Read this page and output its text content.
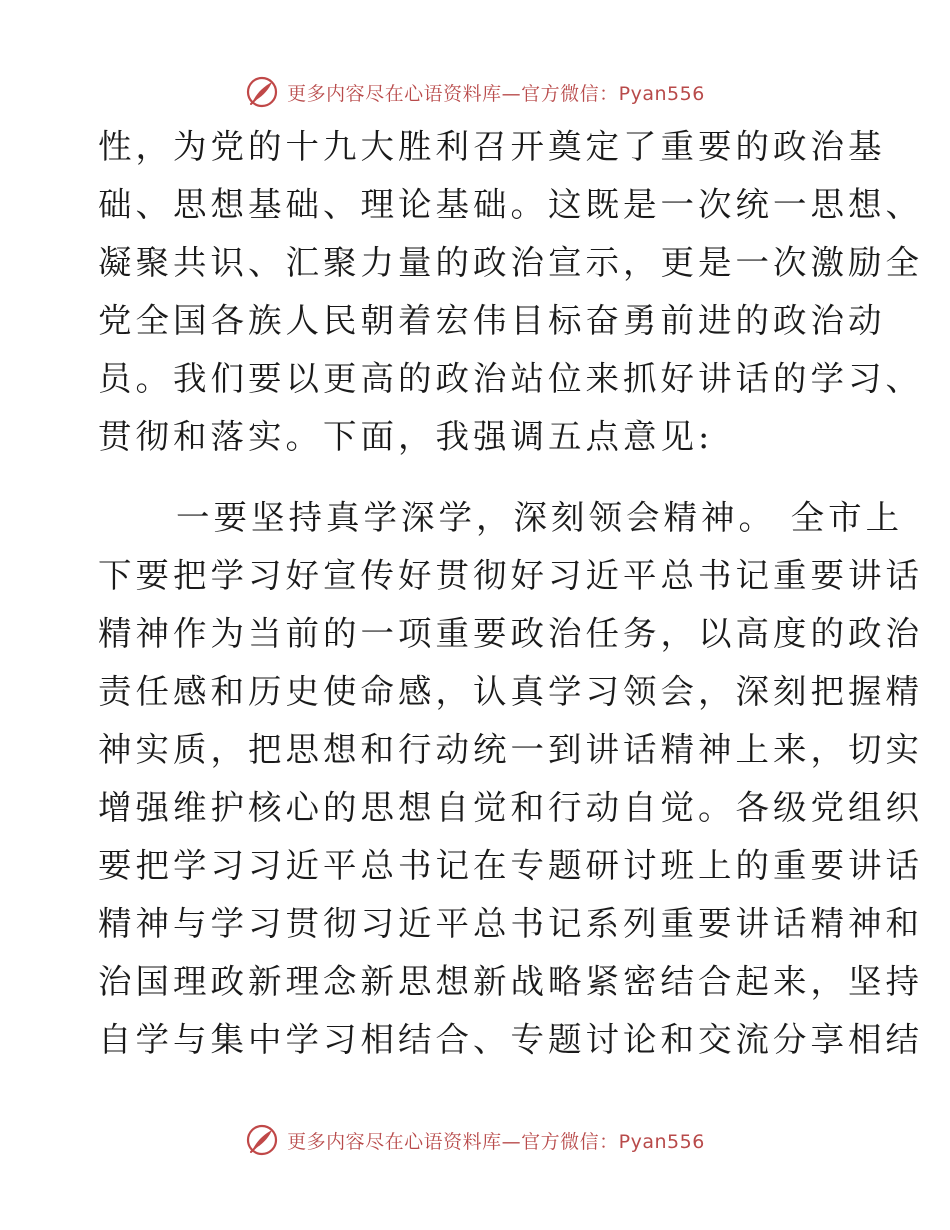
更多内容尽在心语资料库—官方微信：Pyan556
性，为党的十九大胜利召开奠定了重要的政治基
础、思想基础、理论基础。这既是一次统一思想、
凝聚共识、汇聚力量的政治宣示，更是一次激励全
党全国各族人民朝着宏伟目标奋勇前进的政治动
员。我们要以更高的政治站位来抓好讲话的学习、
贯彻和落实。下面，我强调五点意见:
一要坚持真学深学，深刻领会精神。 全市上
下要把学习好宣传好贯彻好习近平总书记重要讲话
精神作为当前的一项重要政治任务，以高度的政治
责任感和历史使命感，认真学习领会，深刻把握精
神实质，把思想和行动统一到讲话精神上来，切实
增强维护核心的思想自觉和行动自觉。各级党组织
要把学习习近平总书记在专题研讨班上的重要讲话
精神与学习贯彻习近平总书记系列重要讲话精神和
治国理政新理念新思想新战略紧密结合起来，坚持
自学与集中学习相结合、专题讨论和交流分享相结
更多内容尽在心语资料库—官方微信：Pyan556
